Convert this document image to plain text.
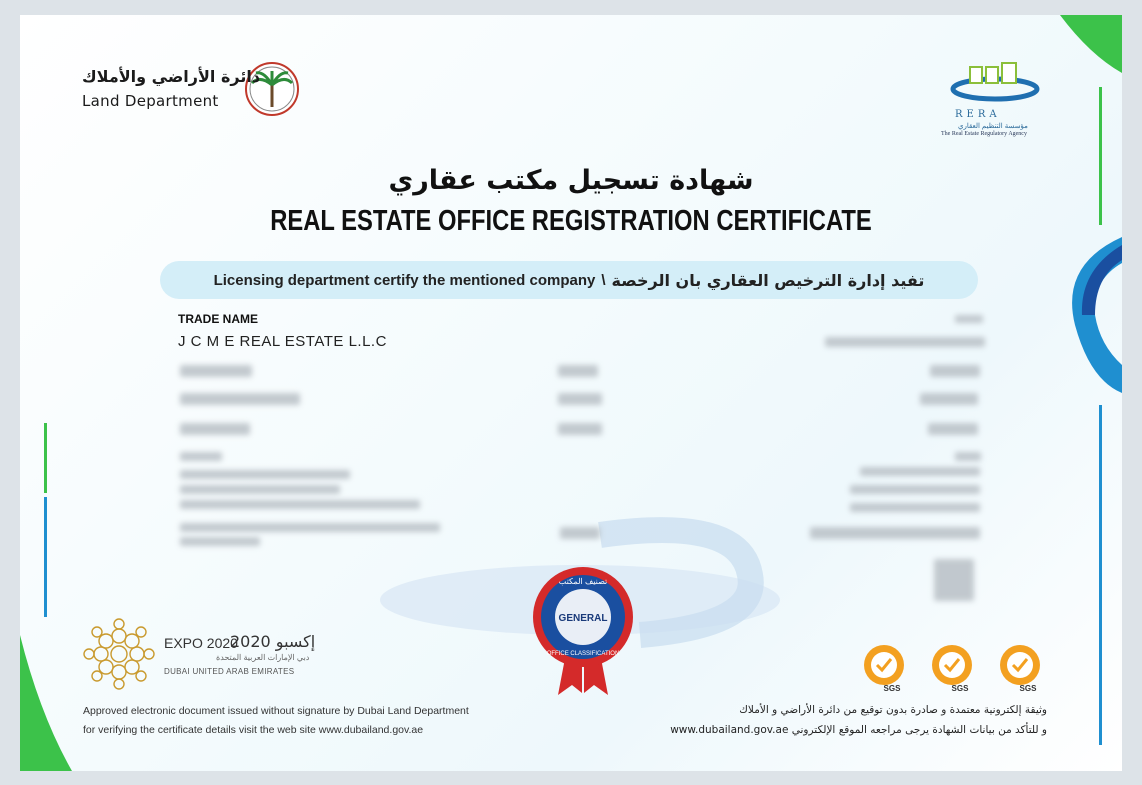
دائرة الأراضي والأملاك
Land Department
RERA
مؤسسة التنظيم العقاري
The Real Estate Regulatory Agency
شهادة تسجيل مكتب عقاري
REAL ESTATE OFFICE REGISTRATION CERTIFICATE
Licensing department certify the mentioned company \ تفيد إدارة الترخيص العقاري بان الرخصة
TRADE NAME
J C M E REAL ESTATE L.L.C
تصنيف المكتب
GENERAL
OFFICE CLASSIFICATION
EXPO 2020
إكسبو 2020
دبي الإمارات العربية المتحدة
DUBAI UNITED ARAB EMIRATES
SGS	SGS	SGS
Approved electronic document issued without signature by Dubai Land Department
for verifying the certificate details visit the web site www.dubailand.gov.ae
وثيقة إلكترونية معتمدة و صادرة بدون توقيع من دائرة الأراضي و الأملاك
و للتأكد من بيانات الشهادة يرجى مراجعه الموقع الإلكتروني www.dubailand.gov.ae
